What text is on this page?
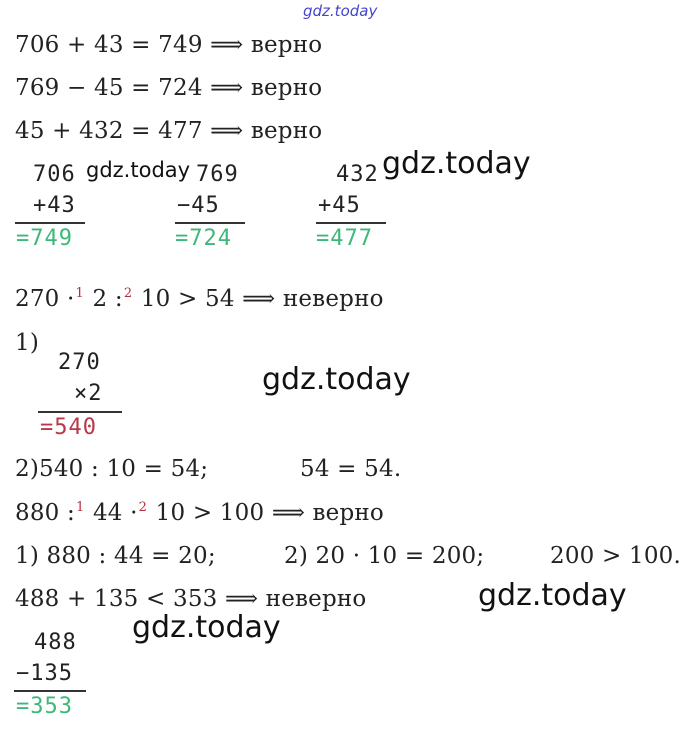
gdz.today
gdz.today	gdz.today
gdz.today
gdz.today
gdz.today
706 + 43 = 749 ⟹ верно
769 − 45 = 724 ⟹ верно
45 + 432 = 477 ⟹ верно
706
+43
=749
769
−45
=724
432
+45
=477
270 ·$^1$ 2 :$^2$ 10 > 54 ⟹ неверно
1)
270
×2
=540
2)540 : 10 = 54;	54 = 54.
880 :$^1$ 44 ·$^2$ 10 > 100 ⟹ верно
1) 880 : 44 = 20;	2) 20 · 10 = 200;	200 > 100.
488 + 135 < 353 ⟹ неверно
488
−135
=353
